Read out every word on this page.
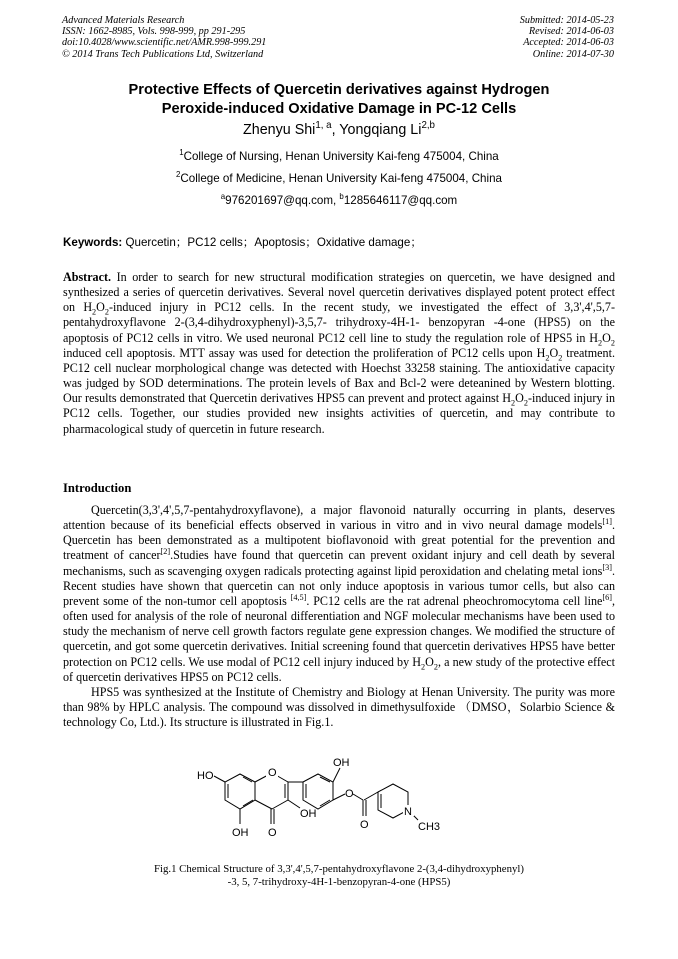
Advanced Materials Research
ISSN: 1662-8985, Vols. 998-999, pp 291-295
doi:10.4028/www.scientific.net/AMR.998-999.291
© 2014 Trans Tech Publications Ltd, Switzerland
Submitted: 2014-05-23
Revised: 2014-06-03
Accepted: 2014-06-03
Online: 2014-07-30
Protective Effects of Quercetin derivatives against Hydrogen
Peroxide-induced Oxidative Damage in PC-12 Cells
Zhenyu Shi$^{1, a}$, Yongqiang Li$^{2,b}$
$^1$College of Nursing, Henan University Kai-feng 475004, China
$^2$College of Medicine, Henan University Kai-feng 475004, China
$^a$976201697@qq.com, $^b$1285646117@qq.com
Keywords: Quercetin；PC12 cells；Apoptosis；Oxidative damage；

Abstract. In order to search for new structural modification strategies on quercetin, we have designed and synthesized a series of quercetin derivatives. Several novel quercetin derivatives displayed potent protect effect on $H_2O_2$-induced injury in PC12 cells. In the recent study, we investigated the effect of 3,3',4',5,7-pentahydroxyflavone 2-(3,4-dihydroxyphenyl)-3,5,7- trihydroxy-4H-1- benzopyran -4-one (HPS5) on the apoptosis of PC12 cells in vitro. We used neuronal PC12 cell line to study the regulation role of HPS5 in $H_2O_2$ induced cell apoptosis. MTT assay was used for detection the proliferation of PC12 cells upon $H_2O_2$ treatment. PC12 cell nuclear morphological change was detected with Hoechst 33258 staining. The antioxidative capacity was judged by SOD determinations. The protein levels of Bax and Bcl-2 were deteanined by Western blotting. Our results demonstrated that Quercetin derivatives HPS5 can prevent and protect against $H_2O_2$-induced injury in PC12 cells. Together, our studies provided new insights activities of quercetin, and may contribute to pharmacological study of quercetin in future research.

Introduction

Quercetin(3,3',4',5,7-pentahydroxyflavone), a major flavonoid naturally occurring in plants, deserves attention because of its beneficial effects observed in various in vitro and in vivo neural damage models[1]. Quercetin has been demonstrated as a multipotent bioflavonoid with great potential for the prevention and treatment of cancer[2].Studies have found that quercetin can prevent oxidant injury and cell death by several mechanisms, such as scavenging oxygen radicals protecting against lipid peroxidation and chelating metal ions[3]. Recent studies have shown that quercetin can not only induce apoptosis in various tumor cells, but also can prevent some of the non-tumor cell apoptosis [4,5]. PC12 cells are the rat adrenal pheochromocytoma cell line[6], often used for analysis of the role of neuronal differentiation and NGF molecular mechanisms have been used to study the mechanism of nerve cell growth factors regulate gene expression changes. We modified the structure of quercetin, and got some quercetin derivatives. Initial screening found that quercetin derivatives HPS5 have better protection on PC12 cells. We use modal of PC12 cell injury induced by $H_2O_2$, a new study of the protective effect of quercetin derivatives HPS5 on PC12 cells.

HPS5 was synthesized at the Institute of Chemistry and Biology at Henan University. The purity was more than 98% by HPLC analysis. The compound was dissolved in dimethysulfoxide （DMSO，Solarbio Science & technology Co, Ltd.). Its structure is illustrated in Fig.1.

O
HO
OH
OH
OH O
O
O
N
CH3
Fig.1 Chemical Structure of 3,3',4',5,7-pentahydroxyflavone 2-(3,4-dihydroxyphenyl)
-3, 5, 7-trihydroxy-4H-1-benzopyran-4-one (HPS5)
